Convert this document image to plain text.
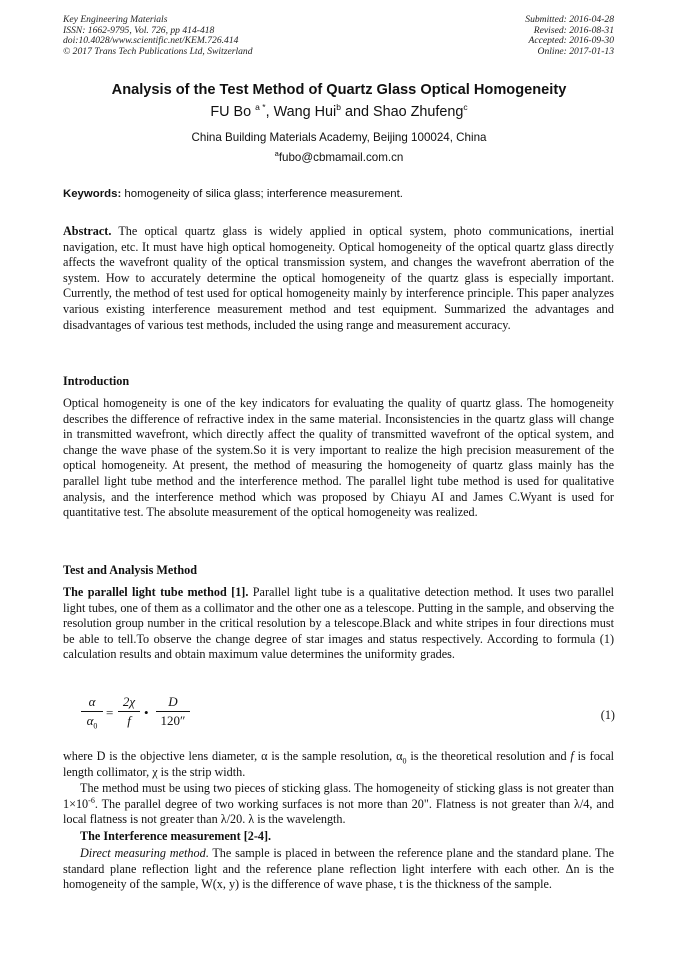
Key Engineering Materials
ISSN: 1662-9795, Vol. 726, pp 414-418
doi:10.4028/www.scientific.net/KEM.726.414
© 2017 Trans Tech Publications Ltd, Switzerland
Submitted: 2016-04-28
Revised: 2016-08-31
Accepted: 2016-09-30
Online: 2017-01-13
Analysis of the Test Method of Quartz Glass Optical Homogeneity
FU Bo $^{a *}$, Wang Hui$^b$ and Shao Zhufeng$^c$
China Building Materials Academy, Beijing 100024, China
$^a$fubo@cbmamail.com.cn
Keywords: homogeneity of silica glass; interference measurement.
Abstract. The optical quartz glass is widely applied in optical system, photo communications, inertial navigation, etc. It must have high optical homogeneity. Optical homogeneity of the optical quartz glass directly affects the wavefront quality of the optical transmission system, and changes the wavefront aberration of the system. How to accurately determine the optical homogeneity of the quartz glass is especially important. Currently, the method of test used for optical homogeneity mainly by interference principle. This paper analyzes various existing interference measurement method and test equipment. Summarized the advantages and disadvantages of various test methods, included the using range and measurement accuracy.
Introduction
Optical homogeneity is one of the key indicators for evaluating the quality of quartz glass. The homogeneity describes the difference of refractive index in the same material. Inconsistencies in the quartz glass will change in transmitted wavefront, which directly affect the quality of transmitted wavefront of the optical system, and change the wave phase of the system.So it is very important to realize the high precision measurement of the optical homogeneity. At present, the method of measuring the homogeneity of quartz glass mainly has the parallel light tube method and the interference method. The parallel light tube method is used for qualitative analysis, and the interference method which was proposed by Chiayu AI and James C.Wyant is used for quantitative test. The absolute measurement of the optical homogeneity was realized.
Test and Analysis Method
The parallel light tube method [1]. Parallel light tube is a qualitative detection method. It uses two parallel light tubes, one of them as a collimator and the other one as a telescope. Putting in the sample, and observing the resolution group number in the critical resolution by a telescope.Black and white stripes in four directions must be able to tell.To observe the change degree of star images and status respectively. According to formula (1) calculation results and obtain maximum value determines the uniformity grades.
$\frac{\alpha}{\alpha_0} = \frac{2\chi}{f}$ • $\frac{D}{120''}$	(1)
where D is the objective lens diameter, α is the sample resolution, $\alpha_0$ is the theoretical resolution and f is focal length collimator, χ is the strip width.
The method must be using two pieces of sticking glass. The homogeneity of sticking glass is not greater than $1\times 10^{-6}$. The parallel degree of two working surfaces is not more than 20". Flatness is not greater than λ/4, and local flatness is not greater than λ/20. λ is the wavelength.
The Interference measurement [2-4].
Direct measuring method. The sample is placed in between the reference plane and the standard plane. The standard plane reflection light and the reference plane reflection light interfere with each other. Δn is the homogeneity of the sample, W(x, y) is the difference of wave phase, t is the thickness of the sample.
